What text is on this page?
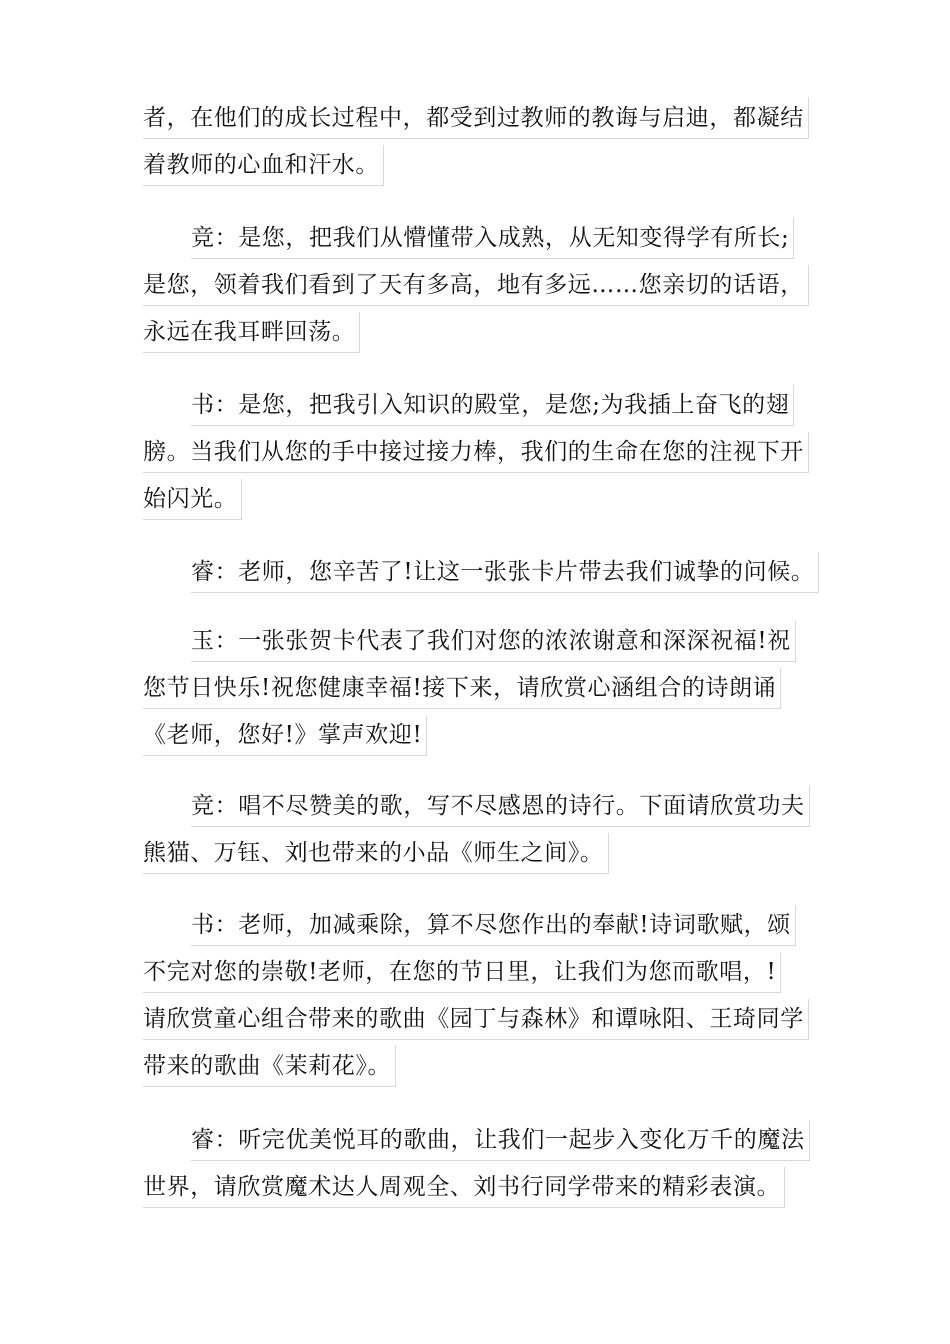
者，在他们的成长过程中，都受到过教师的教诲与启迪，都凝结
着教师的心血和汗水。
竞：是您，把我们从懵懂带入成熟，从无知变得学有所长;
是您，领着我们看到了天有多高，地有多远……您亲切的话语，
永远在我耳畔回荡。
书：是您，把我引入知识的殿堂，是您;为我插上奋飞的翅
膀。当我们从您的手中接过接力棒，我们的生命在您的注视下开
始闪光。
睿：老师，您辛苦了!让这一张张卡片带去我们诚挚的问候。
玉：一张张贺卡代表了我们对您的浓浓谢意和深深祝福!祝
您节日快乐!祝您健康幸福!接下来，请欣赏心涵组合的诗朗诵
《老师，您好!》掌声欢迎!
竞：唱不尽赞美的歌，写不尽感恩的诗行。下面请欣赏功夫
熊猫、万钰、刘也带来的小品《师生之间》。
书：老师，加减乘除，算不尽您作出的奉献!诗词歌赋，颂
不完对您的崇敬!老师，在您的节日里，让我们为您而歌唱，!
请欣赏童心组合带来的歌曲《园丁与森林》和谭咏阳、王琦同学
带来的歌曲《茉莉花》。
睿：听完优美悦耳的歌曲，让我们一起步入变化万千的魔法
世界，请欣赏魔术达人周观全、刘书行同学带来的精彩表演。
